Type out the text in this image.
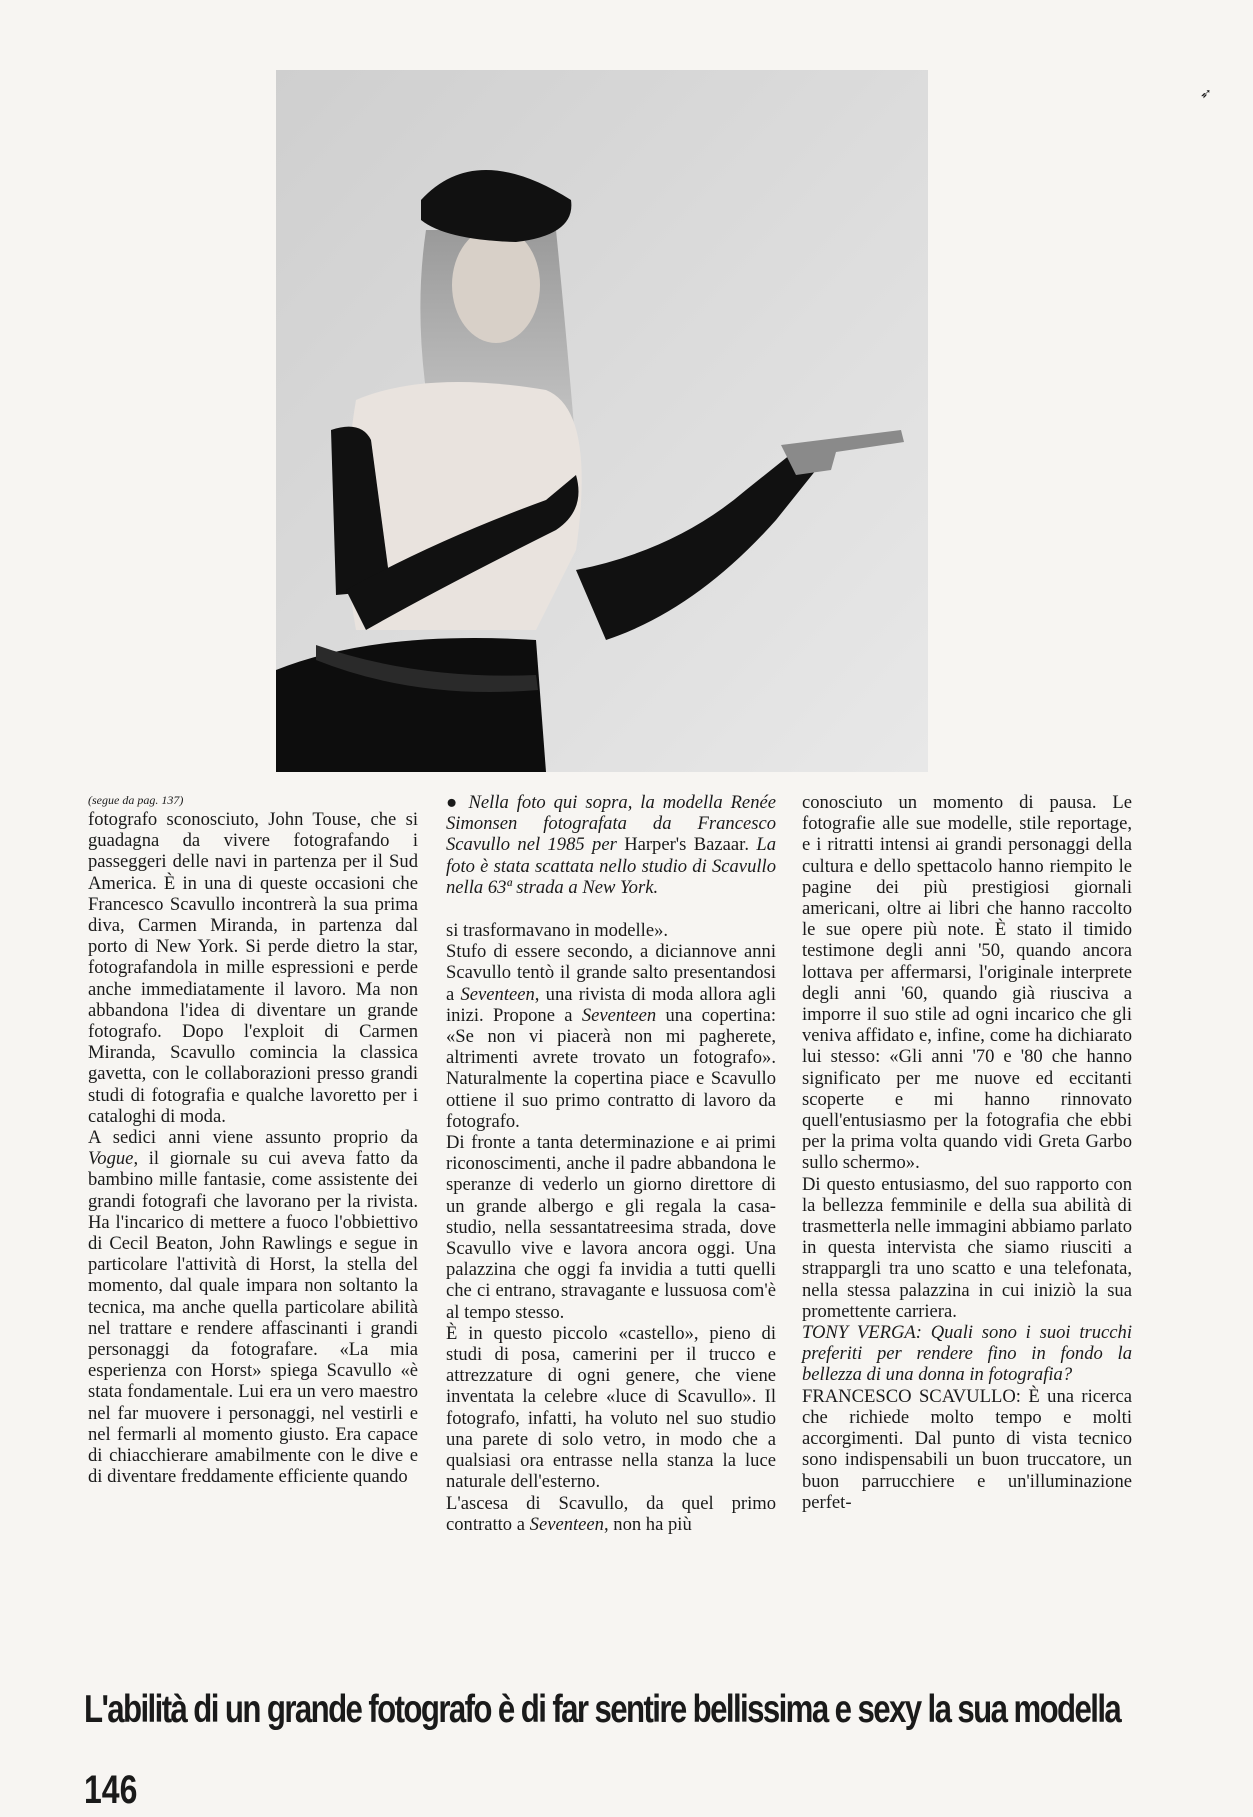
➶

(segue da pag. 137)

fotografo sconosciuto, John Touse, che si guadagna da vivere fotografando i passeggeri delle navi in partenza per il Sud America. È in una di queste occasioni che Francesco Scavullo incontrerà la sua prima diva, Carmen Miranda, in partenza dal porto di New York. Si perde dietro la star, fotografandola in mille espressioni e perde anche immediatamente il lavoro. Ma non abbandona l'idea di diventare un grande fotografo. Dopo l'exploit di Carmen Miranda, Scavullo comincia la classica gavetta, con le collaborazioni presso grandi studi di fotografia e qualche lavoretto per i cataloghi di moda.

A sedici anni viene assunto proprio da Vogue, il giornale su cui aveva fatto da bambino mille fantasie, come assistente dei grandi fotografi che lavorano per la rivista. Ha l'incarico di mettere a fuoco l'obbiettivo di Cecil Beaton, John Rawlings e segue in particolare l'attività di Horst, la stella del momento, dal quale impara non soltanto la tecnica, ma anche quella particolare abilità nel trattare e rendere affascinanti i grandi personaggi da fotografare. «La mia esperienza con Horst» spiega Scavullo «è stata fondamentale. Lui era un vero maestro nel far muovere i personaggi, nel vestirli e nel fermarli al momento giusto. Era capace di chiacchierare amabilmente con le dive e di diventare freddamente efficiente quando

● Nella foto qui sopra, la modella Renée Simonsen fotografata da Francesco Scavullo nel 1985 per Harper's Bazaar. La foto è stata scattata nello studio di Scavullo nella 63ª strada a New York.

si trasformavano in modelle».

Stufo di essere secondo, a diciannove anni Scavullo tentò il grande salto presentandosi a Seventeen, una rivista di moda allora agli inizi. Propone a Seventeen una copertina: «Se non vi piacerà non mi pagherete, altrimenti avrete trovato un fotografo». Naturalmente la copertina piace e Scavullo ottiene il suo primo contratto di lavoro da fotografo.

Di fronte a tanta determinazione e ai primi riconoscimenti, anche il padre abbandona le speranze di vederlo un giorno direttore di un grande albergo e gli regala la casa-studio, nella sessantatreesima strada, dove Scavullo vive e lavora ancora oggi. Una palazzina che oggi fa invidia a tutti quelli che ci entrano, stravagante e lussuosa com'è al tempo stesso.

È in questo piccolo «castello», pieno di studi di posa, camerini per il trucco e attrezzature di ogni genere, che viene inventata la celebre «luce di Scavullo». Il fotografo, infatti, ha voluto nel suo studio una parete di solo vetro, in modo che a qualsiasi ora entrasse nella stanza la luce naturale dell'esterno.

L'ascesa di Scavullo, da quel primo contratto a Seventeen, non ha più

conosciuto un momento di pausa. Le fotografie alle sue modelle, stile reportage, e i ritratti intensi ai grandi personaggi della cultura e dello spettacolo hanno riempito le pagine dei più prestigiosi giornali americani, oltre ai libri che hanno raccolto le sue opere più note. È stato il timido testimone degli anni '50, quando ancora lottava per affermarsi, l'originale interprete degli anni '60, quando già riusciva a imporre il suo stile ad ogni incarico che gli veniva affidato e, infine, come ha dichiarato lui stesso: «Gli anni '70 e '80 che hanno significato per me nuove ed eccitanti scoperte e mi hanno rinnovato quell'entusiasmo per la fotografia che ebbi per la prima volta quando vidi Greta Garbo sullo schermo».

Di questo entusiasmo, del suo rapporto con la bellezza femminile e della sua abilità di trasmetterla nelle immagini abbiamo parlato in questa intervista che siamo riusciti a strappargli tra uno scatto e una telefonata, nella stessa palazzina in cui iniziò la sua promettente carriera.

TONY VERGA: Quali sono i suoi trucchi preferiti per rendere fino in fondo la bellezza di una donna in fotografia?

FRANCESCO SCAVULLO: È una ricerca che richiede molto tempo e molti accorgimenti. Dal punto di vista tecnico sono indispensabili un buon truccatore, un buon parrucchiere e un'illuminazione perfet-

L'abilità di un grande fotografo è di far sentire bellissima e sexy la sua modella
146
